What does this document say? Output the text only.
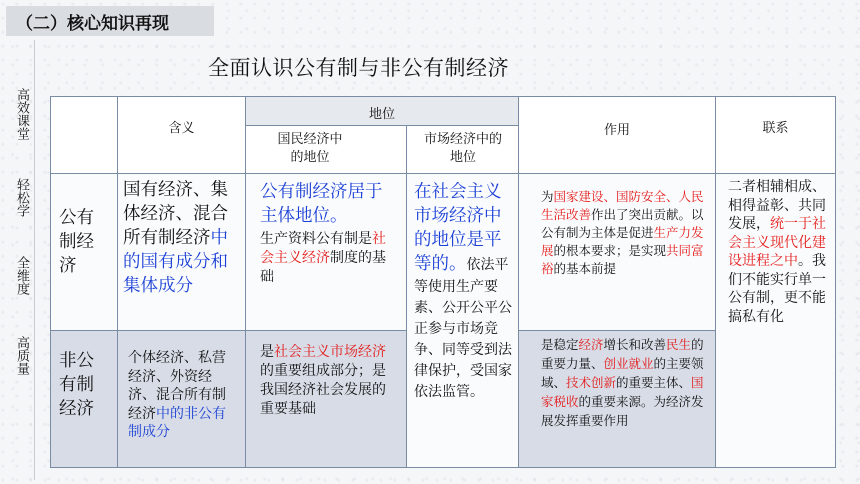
（二）核心知识再现
全面认识公有制与非公有制经济
高效课堂
轻松学
全维度
高质量
含义
地位
国民经济中的地位
市场经济中的地位
作用	联系
公有制经济
国有经济、集体经济、混合所有制经济中的国有成分和集体成分
公有制经济居于主体地位。
生产资料公有制是社会主义经济制度的基础
在社会主义市场经济中的地位是平等的。依法平等使用生产要素、公开公平公正参与市场竞争、同等受到法律保护，受国家依法监管。
为国家建设、国防安全、人民生活改善作出了突出贡献。以公有制为主体是促进生产力发展的根本要求；是实现共同富裕的基本前提
二者相辅相成、相得益彰、共同发展，统一于社会主义现代化建设进程之中。我们不能实行单一公有制，更不能搞私有化
非公有制经济
个体经济、私营经济、外资经济、混合所有制经济中的非公有制成分
是社会主义市场经济的重要组成部分；是我国经济社会发展的重要基础
是稳定经济增长和改善民生的重要力量、创业就业的主要领域、技术创新的重要主体、国家税收的重要来源。为经济发展发挥重要作用
